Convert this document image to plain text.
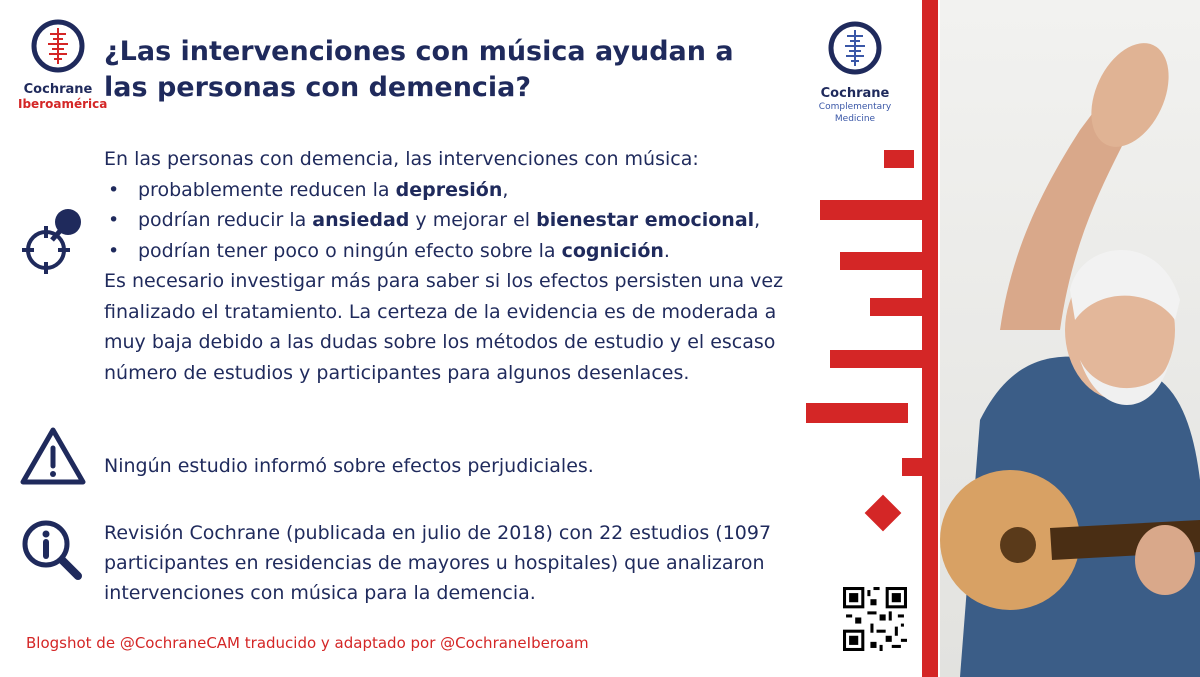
Cochrane
Iberoamérica
¿Las intervenciones con música ayudan a las personas con demencia?	Cochrane
Complementary Medicine
En las personas con demencia, las intervenciones con música:
• probablemente reducen la depresión,
• podrían reducir la ansiedad y mejorar el bienestar emocional,
• podrían tener poco o ningún efecto sobre la cognición.
Es necesario investigar más para saber si los efectos persisten una vez finalizado el tratamiento. La certeza de la evidencia es de moderada a muy baja debido a las dudas sobre los métodos de estudio y el escaso número de estudios y participantes para algunos desenlaces.
Ningún estudio informó sobre efectos perjudiciales.
Revisión Cochrane (publicada en julio de 2018) con 22 estudios (1097 participantes en residencias de mayores u hospitales) que analizaron intervenciones con música para la demencia.
Blogshot de @CochraneCAM traducido y adaptado por @CochraneIberoam
